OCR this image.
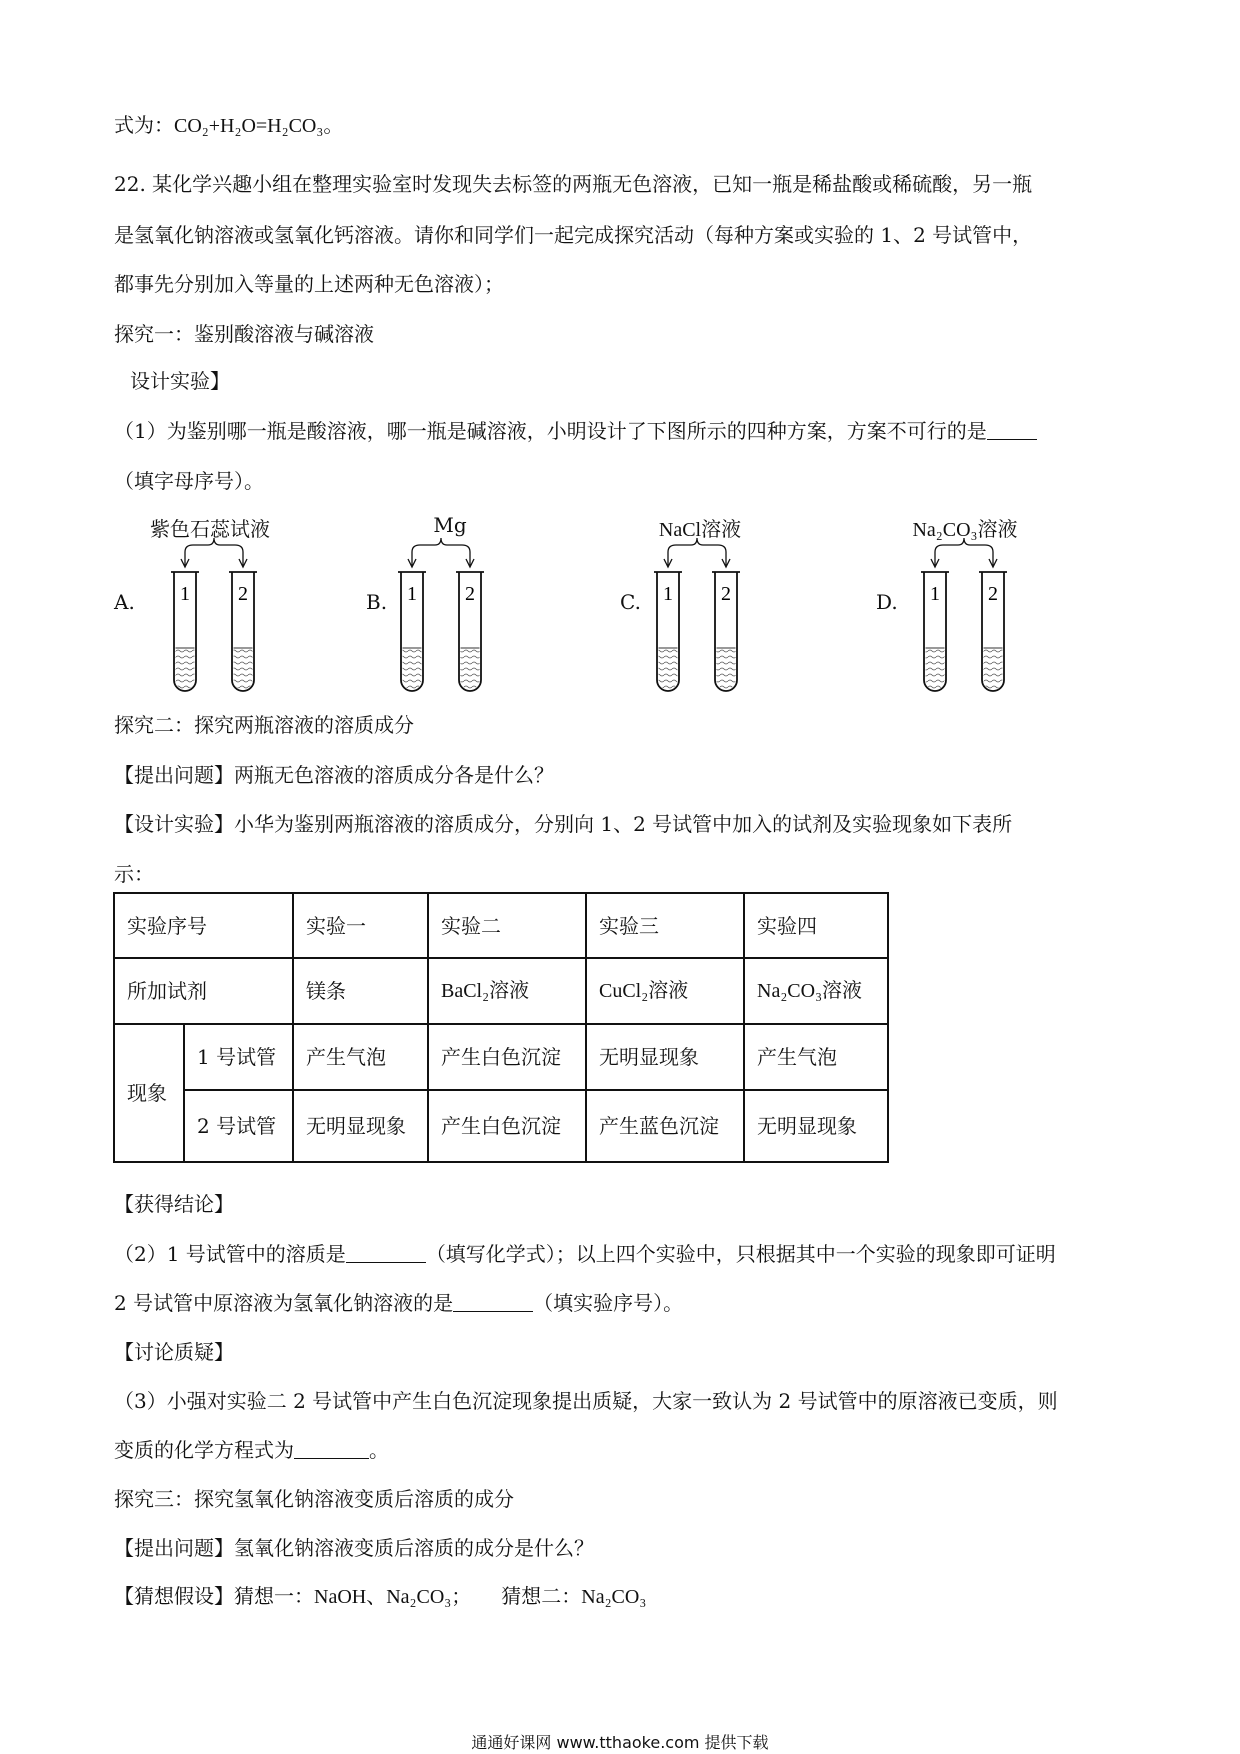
式为：CO₂+H₂O=H₂CO₃。
22. 某化学兴趣小组在整理实验室时发现失去标签的两瓶无色溶液，已知一瓶是稀盐酸或稀硫酸，另一瓶
是氢氧化钠溶液或氢氧化钙溶液。请你和同学们一起完成探究活动（每种方案或实验的 1、2 号试管中，
都事先分别加入等量的上述两种无色溶液）；
探究一：鉴别酸溶液与碱溶液
设计实验】
（1）为鉴别哪一瓶是酸溶液，哪一瓶是碱溶液，小明设计了下图所示的四种方案，方案不可行的是
（填字母序号）。
紫色石蕊试液
A.
Mg
B.
NaCl溶液
C.
Na₂CO₃溶液
D.
1 2	1 2	1 2	1 2
探究二：探究两瓶溶液的溶质成分
【提出问题】两瓶无色溶液的溶质成分各是什么？
【设计实验】小华为鉴别两瓶溶液的溶质成分，分别向 1、2 号试管中加入的试剂及实验现象如下表所
示：
实验序号		实验一	实验二	实验三	实验四
所加试剂		镁条	BaCl₂溶液	CuCl₂溶液	Na₂CO₃溶液
现象	1 号试管	产生气泡	产生白色沉淀	无明显现象	产生气泡
	2 号试管	无明显现象	产生白色沉淀	产生蓝色沉淀	无明显现象
【获得结论】
（2）1 号试管中的溶质是	（填写化学式）；以上四个实验中，只根据其中一个实验的现象即可证明
2 号试管中原溶液为氢氧化钠溶液的是	（填实验序号）。
【讨论质疑】
（3）小强对实验二 2 号试管中产生白色沉淀现象提出质疑，大家一致认为 2 号试管中的原溶液已变质，则
变质的化学方程式为	。
探究三：探究氢氧化钠溶液变质后溶质的成分
【提出问题】氢氧化钠溶液变质后溶质的成分是什么？
【猜想假设】猜想一：NaOH、Na₂CO₃；　　猜想二：Na₂CO₃
通通好课网 www.tthaoke.com 提供下载
